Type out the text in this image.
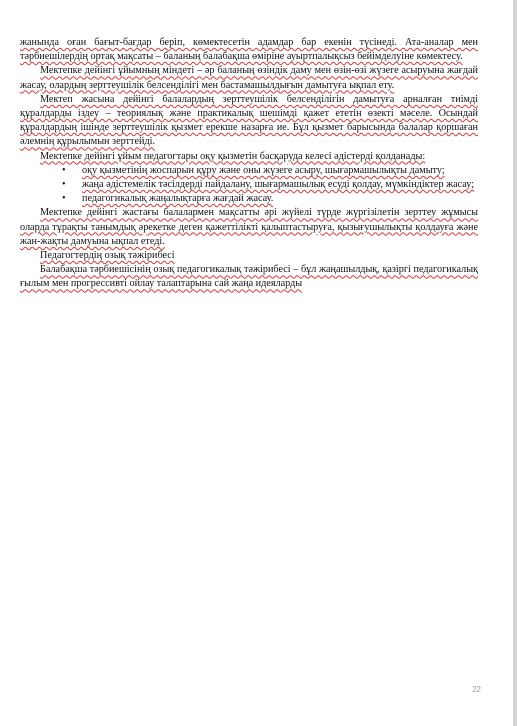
жанында оған бағыт-бағдар беріп, көмектесетін адамдар бар екенін түсінеді. Ата-аналар мен тәрбиешілердің ортақ мақсаты – баланың балабақша өміріне ауыртпалықсыз бейімделуіне көмектесу.

Мектепке дейінгі ұйымның міндеті – әр баланың өзіндік даму мен өзін-өзі жүзеге асыруына жағдай жасау, олардың зерттеушілік белсенділігі мен бастамашылдығын дамытуға ықпал ету.

Мектеп жасына дейінгі балалардың зерттеушілік белсенділігін дамытуға арналған тиімді құралдарды іздеу – теориялық және практикалық шешімді қажет ететін өзекті мәселе. Осындай құралдардың ішінде зерттеушілік қызмет ерекше назарға ие. Бұл қызмет барысында балалар қоршаған әлемнің құрылымын зерттейді.

Мектепке дейінгі ұйым педагогтары оқу қызметін басқаруда келесі әдістерді қолданады:

• оқу қызметінің жоспарын құру және оны жүзеге асыру, шығармашылықты дамыту;
• жаңа әдістемелік тәсілдерді пайдалану, шығармашылық есуді қолдау, мүмкіндіктер жасау;
• педагогикалық жаңалықтарға жағдай жасау.

Мектепке дейінгі жастағы балалармен мақсатты әрі жүйелі түрде жүргізілетін зерттеу жұмысы оларда тұрақты танымдық әрекетке деген қажеттілікті қалыптастыруға, қызығушылықты қолдауға және жан-жақты дамуына ықпал етеді.

Педагогтердің озық тәжірибесі

Балабақша тәрбиешісінің озық педагогикалық тәжірибесі – бұл жаңашылдық, қазіргі педагогикалық ғылым мен прогрессивті ойлау талаптарына сай жаңа идеяларды

22
